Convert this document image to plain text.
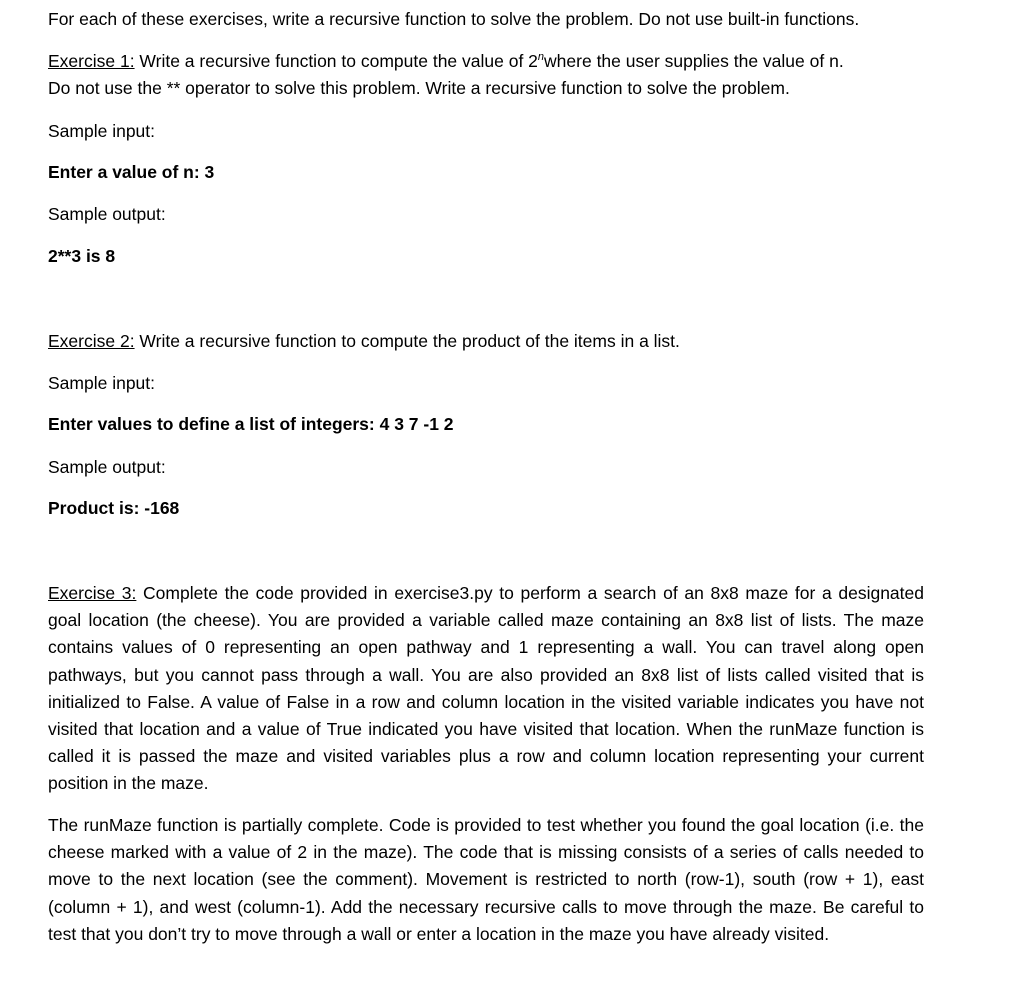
For each of these exercises, write a recursive function to solve the problem. Do not use built-in functions.
Exercise 1: Write a recursive function to compute the value of 2$^n$where the user supplies the value of n.
Do not use the ** operator to solve this problem. Write a recursive function to solve the problem.
Sample input:
Enter a value of n: 3
Sample output:
2**3 is 8
Exercise 2: Write a recursive function to compute the product of the items in a list.
Sample input:
Enter values to define a list of integers: 4 3 7 -1 2
Sample output:
Product is: -168
Exercise 3: Complete the code provided in exercise3.py to perform a search of an 8x8 maze for a designated goal location (the cheese). You are provided a variable called maze containing an 8x8 list of lists. The maze contains values of 0 representing an open pathway and 1 representing a wall. You can travel along open pathways, but you cannot pass through a wall. You are also provided an 8x8 list of lists called visited that is initialized to False. A value of False in a row and column location in the visited variable indicates you have not visited that location and a value of True indicated you have visited that location. When the runMaze function is called it is passed the maze and visited variables plus a row and column location representing your current position in the maze.
The runMaze function is partially complete. Code is provided to test whether you found the goal location (i.e. the cheese marked with a value of 2 in the maze). The code that is missing consists of a series of calls needed to move to the next location (see the comment). Movement is restricted to north (row-1), south (row + 1), east (column + 1), and west (column-1). Add the necessary recursive calls to move through the maze. Be careful to test that you don’t try to move through a wall or enter a location in the maze you have already visited.
